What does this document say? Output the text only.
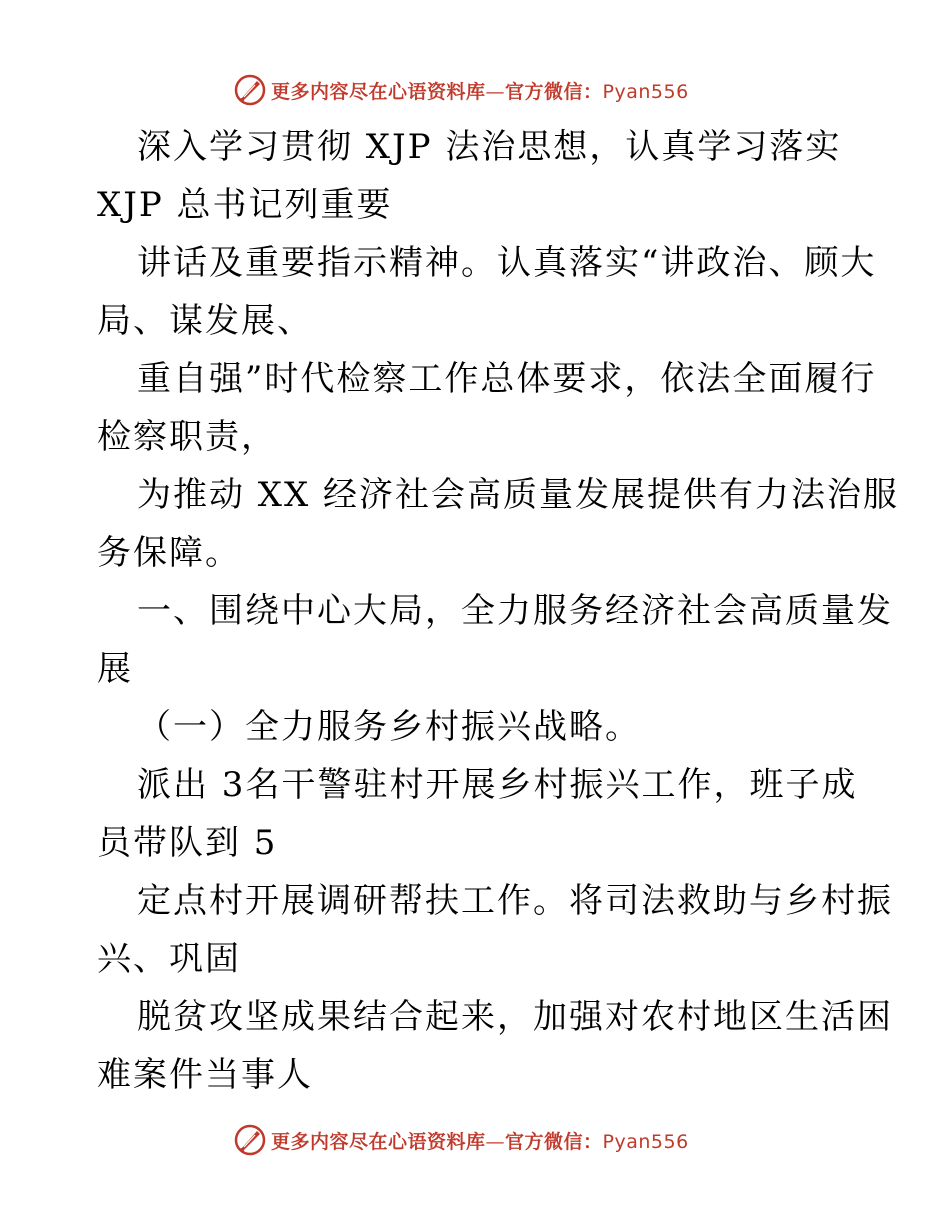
更多内容尽在心语资料库—官方微信：Pyan556
深入学习贯彻 XJP 法治思想，认真学习落实
XJP 总书记列重要
讲话及重要指示精神。认真落实“讲政治、顾大
局、谋发展、
重自强”时代检察工作总体要求，依法全面履行
检察职责，
为推动 XX 经济社会高质量发展提供有力法治服
务保障。
一、围绕中心大局，全力服务经济社会高质量发
展
（一）全力服务乡村振兴战略。
派出 3名干警驻村开展乡村振兴工作，班子成
员带队到 5
定点村开展调研帮扶工作。将司法救助与乡村振
兴、巩固
脱贫攻坚成果结合起来，加强对农村地区生活困
难案件当事人
更多内容尽在心语资料库—官方微信：Pyan556
